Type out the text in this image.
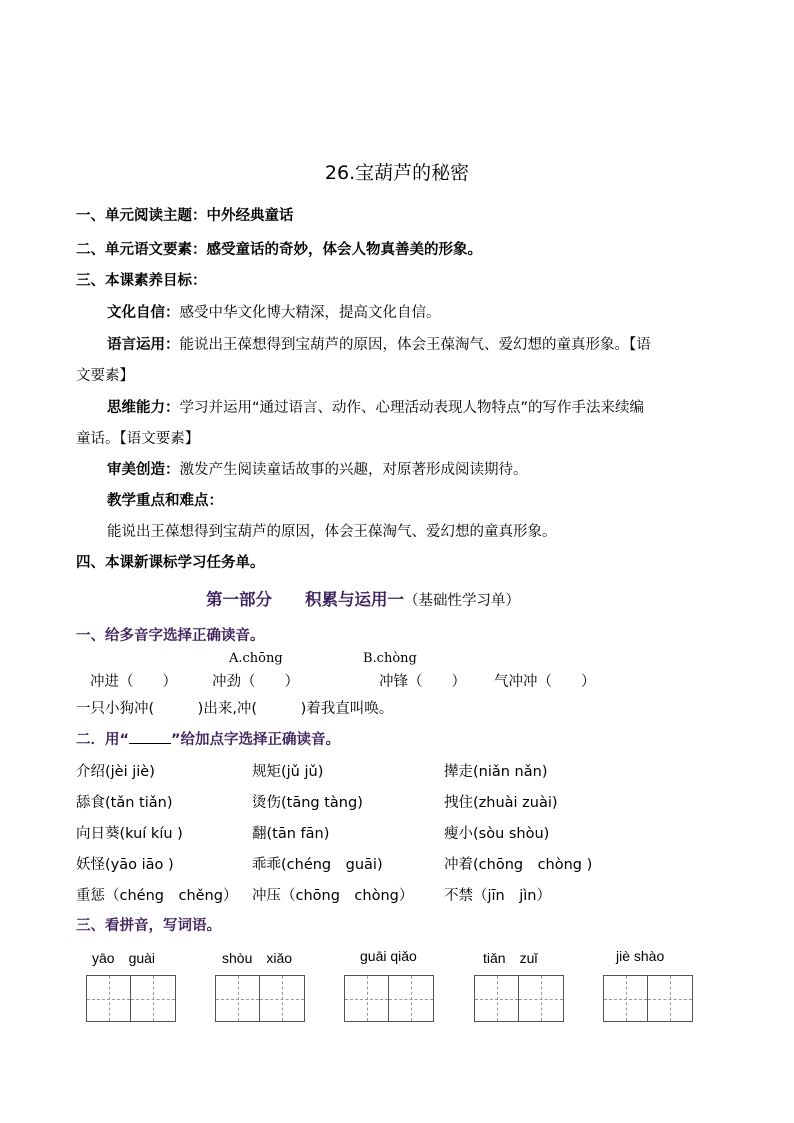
26.宝葫芦的秘密
一、单元阅读主题：中外经典童话
二、单元语文要素：感受童话的奇妙，体会人物真善美的形象。
三、本课素养目标：
文化自信：感受中华文化博大精深，提高文化自信。
语言运用：能说出王葆想得到宝葫芦的原因，体会王葆淘气、爱幻想的童真形象。【语
文要素】
思维能力：学习并运用“通过语言、动作、心理活动表现人物特点”的写作手法来续编
童话。【语文要素】
审美创造：激发产生阅读童话故事的兴趣，对原著形成阅读期待。
教学重点和难点：
能说出王葆想得到宝葫芦的原因，体会王葆淘气、爱幻想的童真形象。
四、本课新课标学习任务单。
第一部分　　积累与运用一（基础性学习单）
一、给多音字选择正确读音。
A.chōng	B.chòng
冲进（　　） 冲劲（　　）	冲锋（　　） 气冲冲（　　）
一只小狗冲(　　　)出来,冲(　　　)着我直叫唤。
二．用“	”给加点字选择正确读音。
介绍(jèi jiè)	规矩(jǔ jǔ)	撵走(niǎn nǎn)
舔食(tǎn tiǎn)	烫伤(tāng tàng)	拽住(zhuài zuài)
向日葵(kuí kíu )	翻(tān fān)	瘦小(sòu shòu)
妖怪(yāo iāo )	乖乖(chéng　guāi)	冲着(chōng　chòng )
重惩（chéng　chěng） 冲压（chōng　chòng） 不禁（jīn　jìn）
三、看拼音，写词语。
yāo　guài	shòu　xiǎo	guāi qiǎo	tiǎn　zuǐ	jiè shào
